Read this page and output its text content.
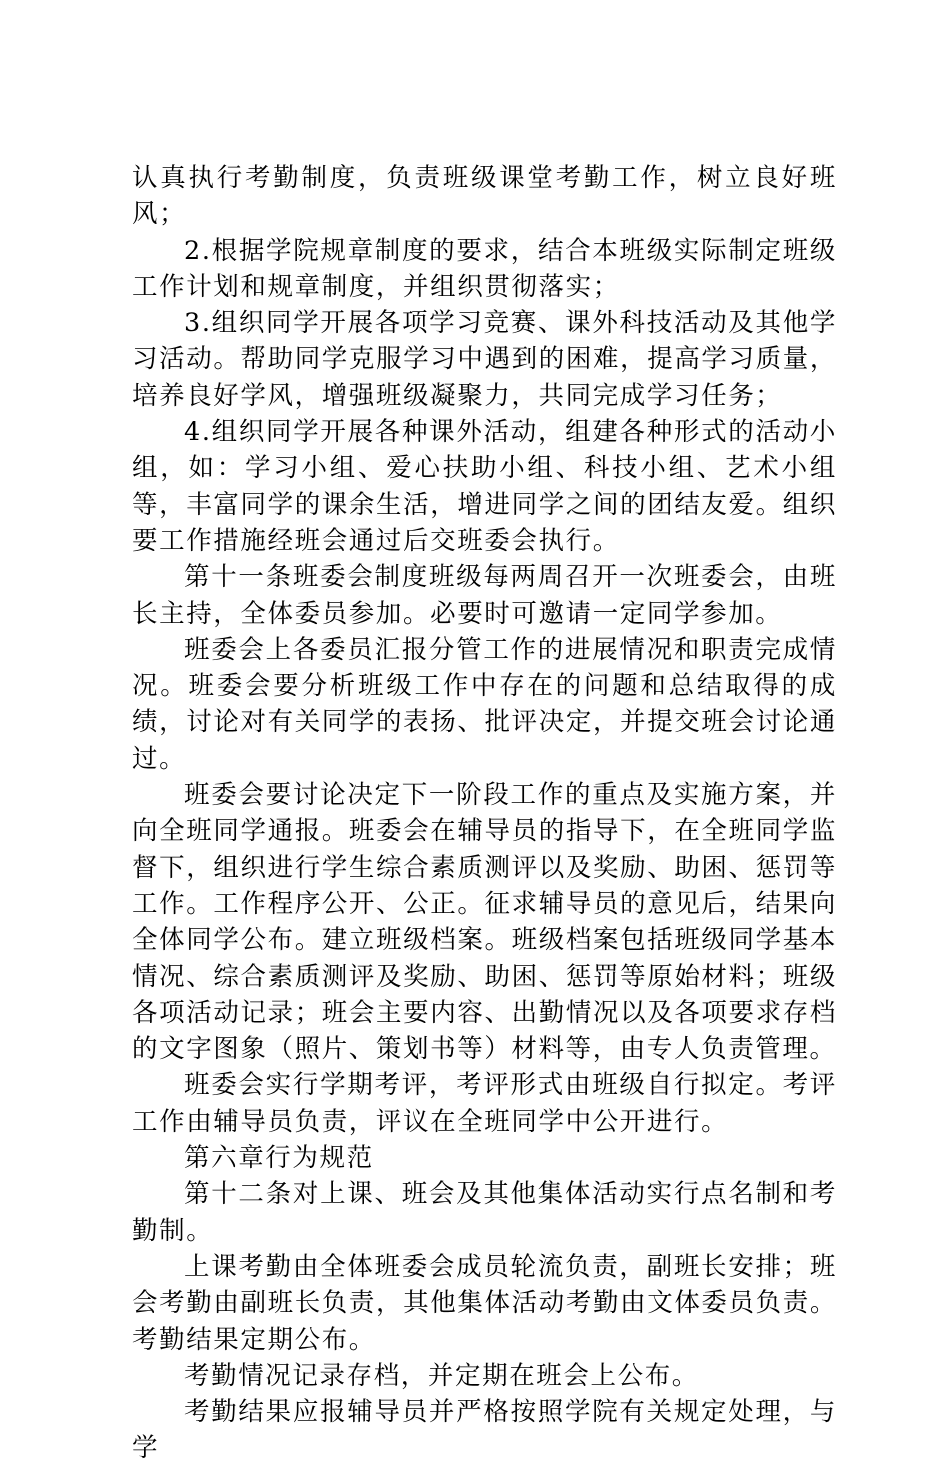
认真执行考勤制度，负责班级课堂考勤工作，树立良好班风；

2.根据学院规章制度的要求，结合本班级实际制定班级工作计划和规章制度，并组织贯彻落实；

3.组织同学开展各项学习竞赛、课外科技活动及其他学习活动。帮助同学克服学习中遇到的困难，提高学习质量，培养良好学风，增强班级凝聚力，共同完成学习任务；

4.组织同学开展各种课外活动，组建各种形式的活动小组，如：学习小组、爱心扶助小组、科技小组、艺术小组等，丰富同学的课余生活，增进同学之间的团结友爱。组织要工作措施经班会通过后交班委会执行。

第十一条班委会制度班级每两周召开一次班委会，由班长主持，全体委员参加。必要时可邀请一定同学参加。

班委会上各委员汇报分管工作的进展情况和职责完成情况。班委会要分析班级工作中存在的问题和总结取得的成绩，讨论对有关同学的表扬、批评决定，并提交班会讨论通过。

班委会要讨论决定下一阶段工作的重点及实施方案，并向全班同学通报。班委会在辅导员的指导下，在全班同学监督下，组织进行学生综合素质测评以及奖励、助困、惩罚等工作。工作程序公开、公正。征求辅导员的意见后，结果向全体同学公布。建立班级档案。班级档案包括班级同学基本情况、综合素质测评及奖励、助困、惩罚等原始材料；班级各项活动记录；班会主要内容、出勤情况以及各项要求存档的文字图象（照片、策划书等）材料等，由专人负责管理。

班委会实行学期考评，考评形式由班级自行拟定。考评工作由辅导员负责，评议在全班同学中公开进行。

第六章行为规范

第十二条对上课、班会及其他集体活动实行点名制和考勤制。

上课考勤由全体班委会成员轮流负责，副班长安排；班会考勤由副班长负责，其他集体活动考勤由文体委员负责。考勤结果定期公布。

考勤情况记录存档，并定期在班会上公布。

考勤结果应报辅导员并严格按照学院有关规定处理，与学
